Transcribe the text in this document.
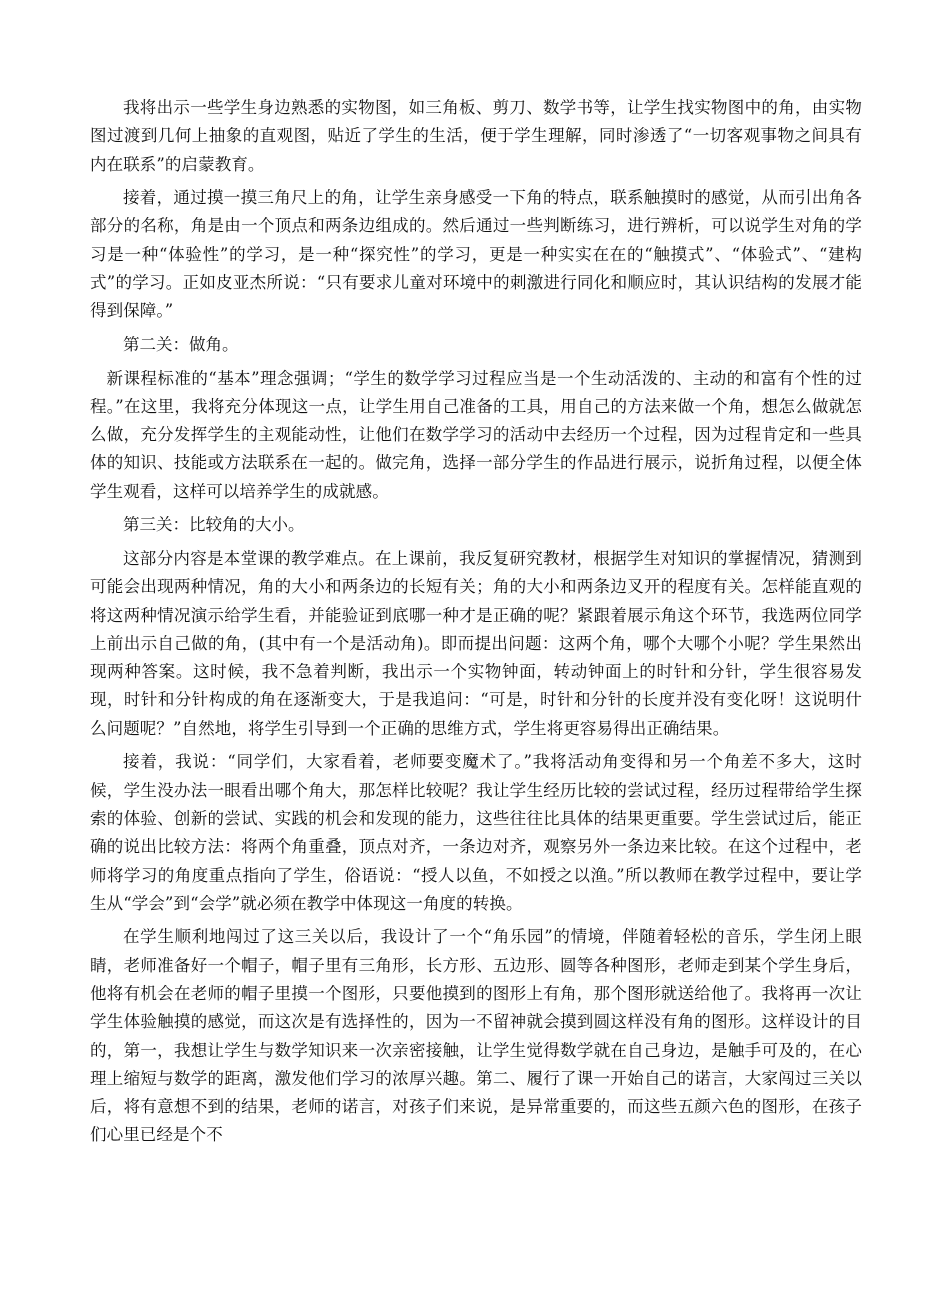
我将出示一些学生身边熟悉的实物图，如三角板、剪刀、数学书等，让学生找实物图中的角，由实物图过渡到几何上抽象的直观图，贴近了学生的生活，便于学生理解，同时渗透了“一切客观事物之间具有内在联系”的启蒙教育。

接着，通过摸一摸三角尺上的角，让学生亲身感受一下角的特点，联系触摸时的感觉，从而引出角各部分的名称，角是由一个顶点和两条边组成的。然后通过一些判断练习，进行辨析，可以说学生对角的学习是一种“体验性”的学习，是一种“探究性”的学习，更是一种实实在在的“触摸式”、“体验式”、“建构式”的学习。正如皮亚杰所说：“只有要求儿童对环境中的刺激进行同化和顺应时，其认识结构的发展才能得到保障。”

第二关：做角。

新课程标准的“基本”理念强调；“学生的数学学习过程应当是一个生动活泼的、主动的和富有个性的过程。”在这里，我将充分体现这一点，让学生用自己准备的工具，用自己的方法来做一个角，想怎么做就怎么做，充分发挥学生的主观能动性，让他们在数学学习的活动中去经历一个过程，因为过程肯定和一些具体的知识、技能或方法联系在一起的。做完角，选择一部分学生的作品进行展示，说折角过程，以便全体学生观看，这样可以培养学生的成就感。

第三关：比较角的大小。

这部分内容是本堂课的教学难点。在上课前，我反复研究教材，根据学生对知识的掌握情况，猜测到可能会出现两种情况，角的大小和两条边的长短有关；角的大小和两条边叉开的程度有关。怎样能直观的将这两种情况演示给学生看，并能验证到底哪一种才是正确的呢？紧跟着展示角这个环节，我选两位同学上前出示自己做的角，(其中有一个是活动角)。即而提出问题：这两个角，哪个大哪个小呢？学生果然出现两种答案。这时候，我不急着判断，我出示一个实物钟面，转动钟面上的时针和分针，学生很容易发现，时针和分针构成的角在逐渐变大，于是我追问：“可是，时针和分针的长度并没有变化呀！这说明什么问题呢？”自然地，将学生引导到一个正确的思维方式，学生将更容易得出正确结果。

接着，我说：“同学们，大家看着，老师要变魔术了。”我将活动角变得和另一个角差不多大，这时候，学生没办法一眼看出哪个角大，那怎样比较呢？我让学生经历比较的尝试过程，经历过程带给学生探索的体验、创新的尝试、实践的机会和发现的能力，这些往往比具体的结果更重要。学生尝试过后，能正确的说出比较方法：将两个角重叠，顶点对齐，一条边对齐，观察另外一条边来比较。在这个过程中，老师将学习的角度重点指向了学生，俗语说：“授人以鱼，不如授之以渔。”所以教师在教学过程中，要让学生从“学会”到“会学”就必须在教学中体现这一角度的转换。

在学生顺利地闯过了这三关以后，我设计了一个“角乐园”的情境，伴随着轻松的音乐，学生闭上眼睛，老师准备好一个帽子，帽子里有三角形，长方形、五边形、圆等各种图形，老师走到某个学生身后，他将有机会在老师的帽子里摸一个图形，只要他摸到的图形上有角，那个图形就送给他了。我将再一次让学生体验触摸的感觉，而这次是有选择性的，因为一不留神就会摸到圆这样没有角的图形。这样设计的目的，第一，我想让学生与数学知识来一次亲密接触，让学生觉得数学就在自己身边，是触手可及的，在心理上缩短与数学的距离，激发他们学习的浓厚兴趣。第二、履行了课一开始自己的诺言，大家闯过三关以后，将有意想不到的结果，老师的诺言，对孩子们来说，是异常重要的，而这些五颜六色的图形，在孩子们心里已经是个不
